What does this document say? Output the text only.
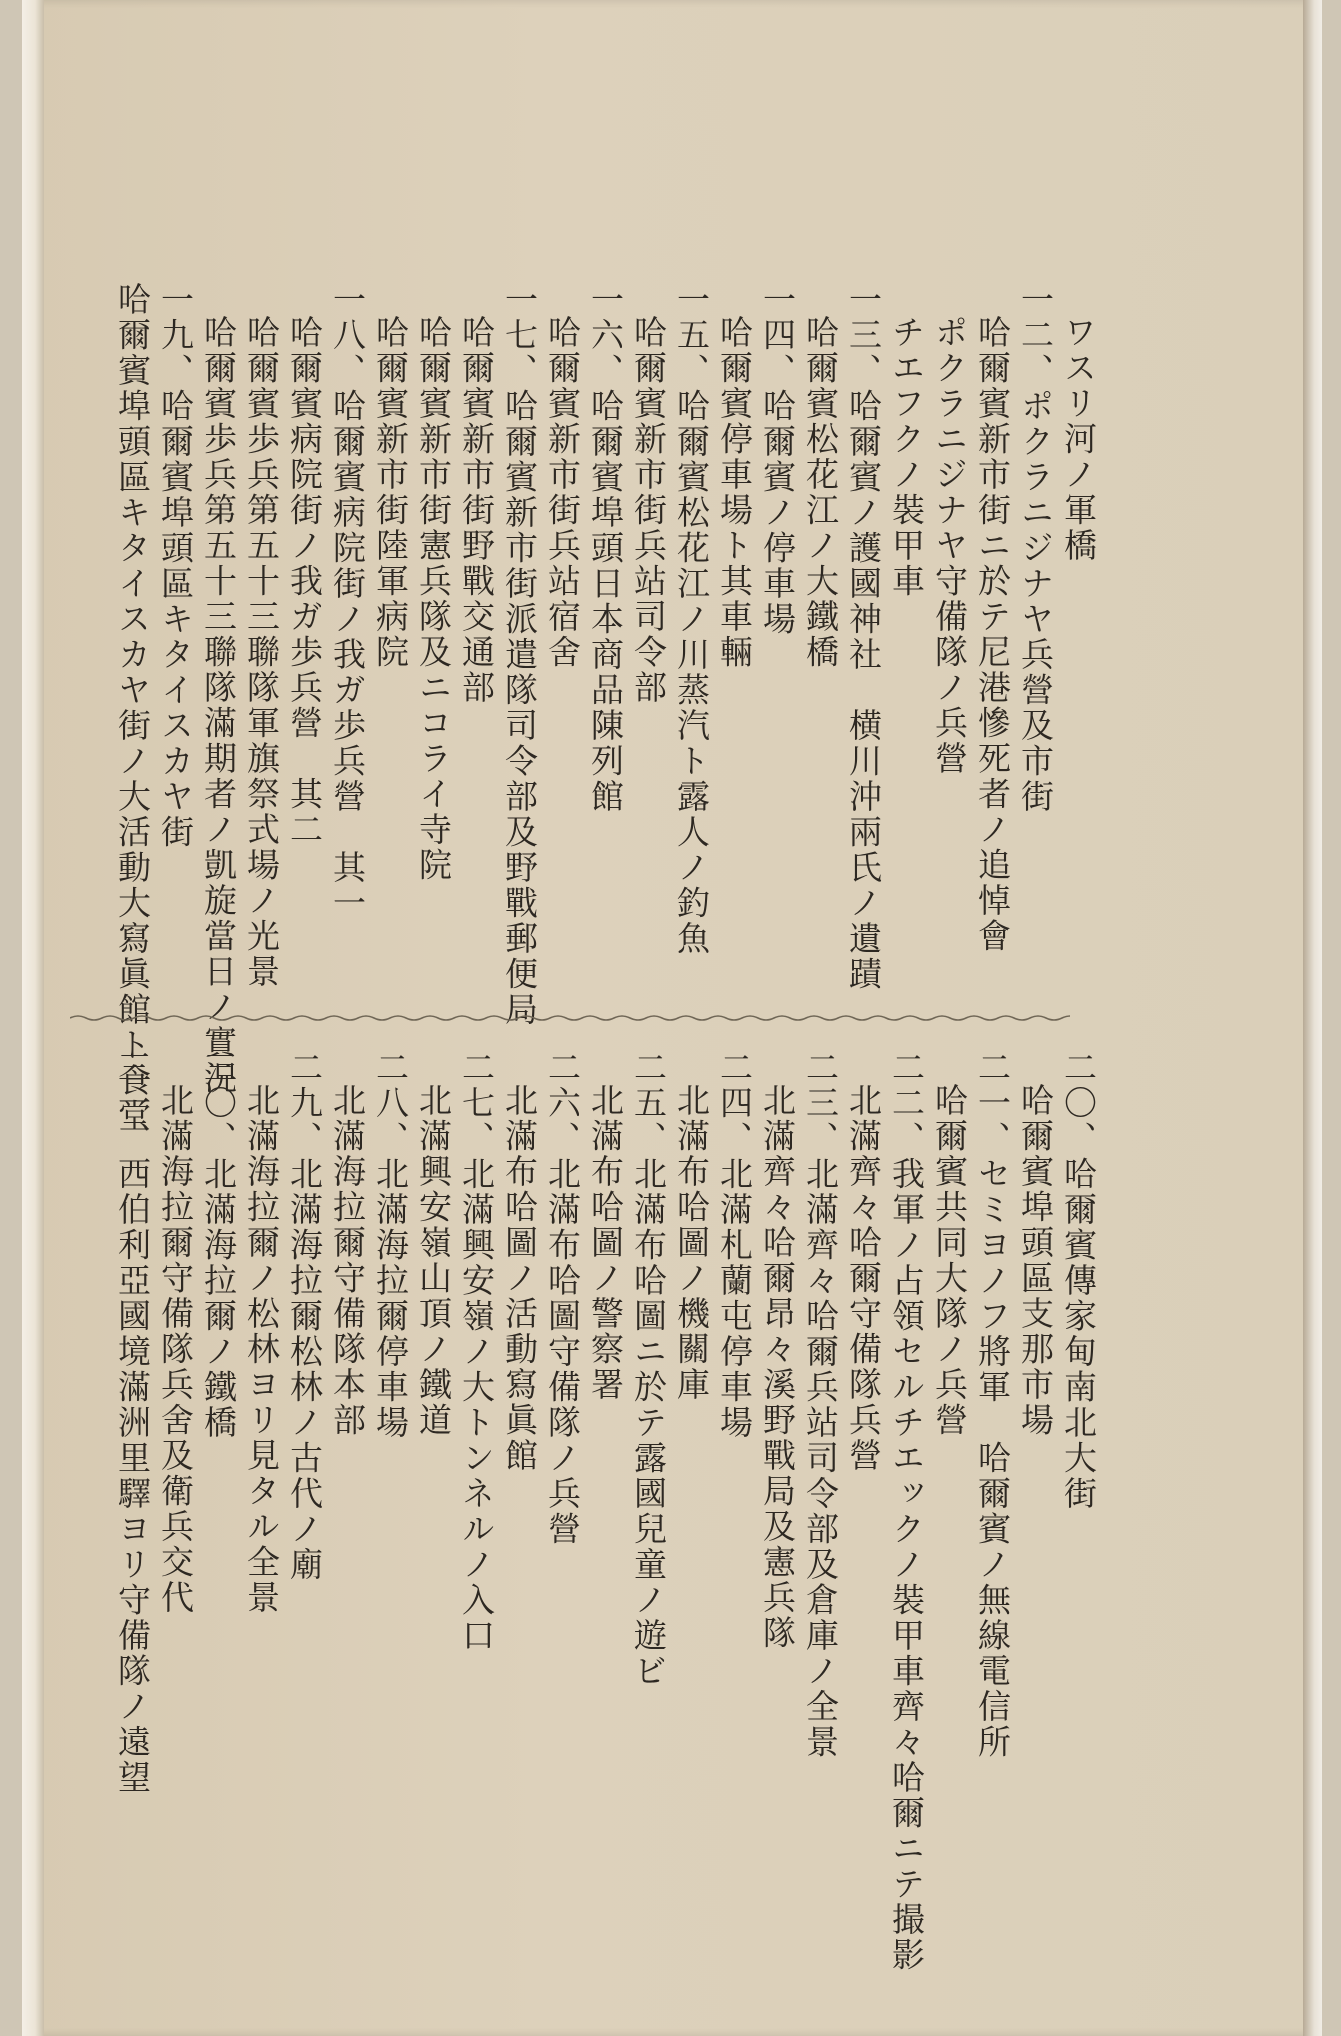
ワスリ河ノ軍橋
一二、ポクラニジナヤ兵營及市街
哈爾賓新市街ニ於テ尼港慘死者ノ追悼會
ポクラニジナヤ守備隊ノ兵營
チエフクノ裝甲車
一三、哈爾賓ノ護國神社　横川沖兩氏ノ遺蹟
哈爾賓松花江ノ大鐵橋
一四、哈爾賓ノ停車場
哈爾賓停車場ト其車輛
一五、哈爾賓松花江ノ川蒸汽ト露人ノ釣魚
哈爾賓新市街兵站司令部
一六、哈爾賓埠頭日本商品陳列館
哈爾賓新市街兵站宿舍
一七、哈爾賓新市街派遣隊司令部及野戰郵便局
哈爾賓新市街野戰交通部
哈爾賓新市街憲兵隊及ニコライ寺院
哈爾賓新市街陸軍病院
一八、哈爾賓病院街ノ我ガ歩兵營　其一
哈爾賓病院街ノ我ガ歩兵營　其二
哈爾賓歩兵第五十三聯隊軍旗祭式場ノ光景
哈爾賓歩兵第五十三聯隊滿期者ノ凱旋當日ノ實況
一九、哈爾賓埠頭區キタイスカヤ街
哈爾賓埠頭區キタイスカヤ街ノ大活動大寫眞館ト食堂
二〇、哈爾賓傳家甸南北大街
哈爾賓埠頭區支那市場
二一、セミヨノフ將軍　哈爾賓ノ無線電信所
哈爾賓共同大隊ノ兵營
二二、我軍ノ占領セルチエックノ裝甲車齊々哈爾ニテ撮影
北滿齊々哈爾守備隊兵營
二三、北滿齊々哈爾兵站司令部及倉庫ノ全景
北滿齊々哈爾昂々溪野戰局及憲兵隊
二四、北滿札蘭屯停車場
北滿布哈圖ノ機關庫
二五、北滿布哈圖ニ於テ露國兒童ノ遊ビ
北滿布哈圖ノ警察署
二六、北滿布哈圖守備隊ノ兵營
北滿布哈圖ノ活動寫眞館
二七、北滿興安嶺ノ大トンネルノ入口
北滿興安嶺山頂ノ鐵道
二八、北滿海拉爾停車場
北滿海拉爾守備隊本部
二九、北滿海拉爾松林ノ古代ノ廟
北滿海拉爾ノ松林ヨリ見タル全景
三〇、北滿海拉爾ノ鐵橋
北滿海拉爾守備隊兵舍及衛兵交代
三一、西伯利亞國境滿洲里驛ヨリ守備隊ノ遠望
